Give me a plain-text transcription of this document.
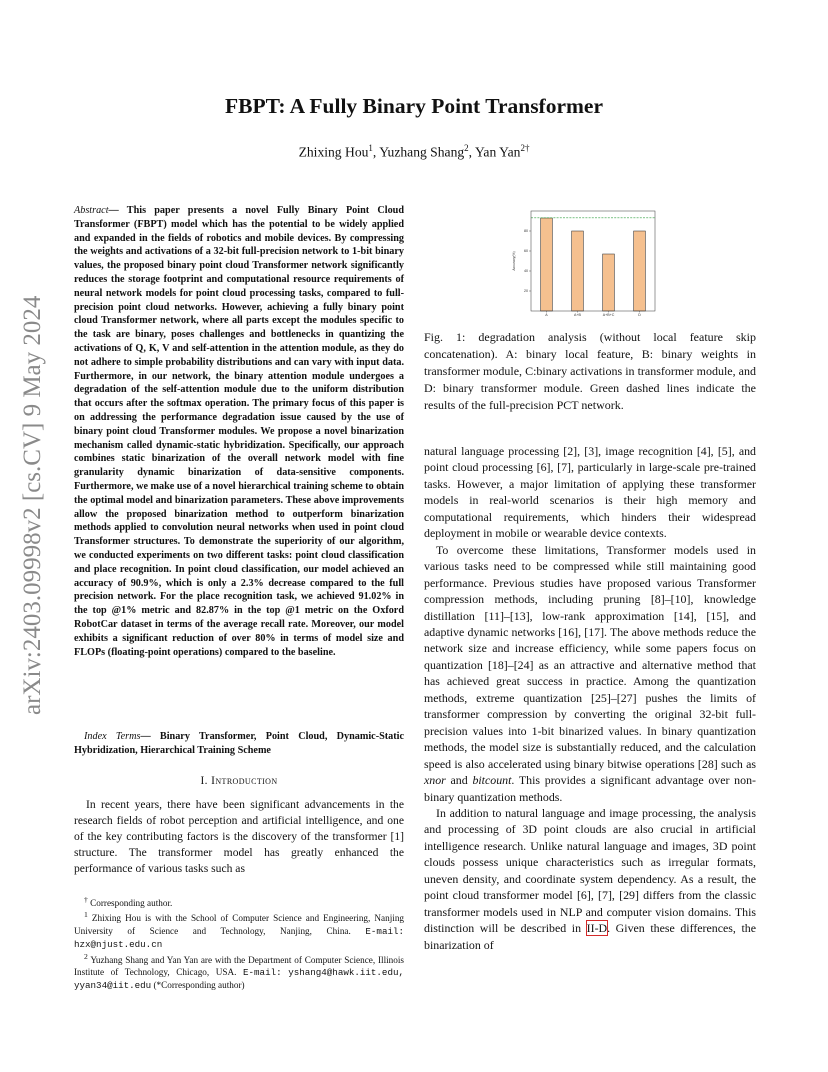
arXiv:2403.09998v2 [cs.CV] 9 May 2024
FBPT: A Fully Binary Point Transformer
Zhixing Hou$^1$, Yuzhang Shang$^2$, Yan Yan$^{2\dagger}$
Abstract— This paper presents a novel Fully Binary Point Cloud Transformer (FBPT) model which has the potential to be widely applied and expanded in the fields of robotics and mobile devices. By compressing the weights and activations of a 32-bit full-precision network to 1-bit binary values, the proposed binary point cloud Transformer network significantly reduces the storage footprint and computational resource requirements of neural network models for point cloud processing tasks, compared to full-precision point cloud networks. However, achieving a fully binary point cloud Transformer network, where all parts except the modules specific to the task are binary, poses challenges and bottlenecks in quantizing the activations of Q, K, V and self-attention in the attention module, as they do not adhere to simple probability distributions and can vary with input data. Furthermore, in our network, the binary attention module undergoes a degradation of the self-attention module due to the uniform distribution that occurs after the softmax operation. The primary focus of this paper is on addressing the performance degradation issue caused by the use of binary point cloud Transformer modules. We propose a novel binarization mechanism called dynamic-static hybridization. Specifically, our approach combines static binarization of the overall network model with fine granularity dynamic binarization of data-sensitive components. Furthermore, we make use of a novel hierarchical training scheme to obtain the optimal model and binarization parameters. These above improvements allow the proposed binarization method to outperform binarization methods applied to convolution neural networks when used in point cloud Transformer structures. To demonstrate the superiority of our algorithm, we conducted experiments on two different tasks: point cloud classification and place recognition. In point cloud classification, our model achieved an accuracy of 90.9%, which is only a 2.3% decrease compared to the full precision network. For the place recognition task, we achieved 91.02% in the top @1% metric and 82.87% in the top @1 metric on the Oxford RobotCar dataset in terms of the average recall rate. Moreover, our model exhibits a significant reduction of over 80% in terms of model size and FLOPs (floating-point operations) compared to the baseline.
Index Terms— Binary Transformer, Point Cloud, Dynamic-Static Hybridization, Hierarchical Training Scheme
I. Introduction
In recent years, there have been significant advancements in the research fields of robot perception and artificial intelligence, and one of the key contributing factors is the discovery of the transformer [1] structure. The transformer model has greatly enhanced the performance of various tasks such as

† Corresponding author.

$^1$ Zhixing Hou is with the School of Computer Science and Engineering, Nanjing University of Science and Technology, Nanjing, China. E-mail: hzx@njust.edu.cn

$^2$ Yuzhang Shang and Yan Yan are with the Department of Computer Science, Illinois Institute of Technology, Chicago, USA. E-mail: yshang4@hawk.iit.edu, yyan34@iit.edu (*Corresponding author)

Accuracy(%)
20
40
60
80
A	A+B	A+B+C	D
Fig. 1: degradation analysis (without local feature skip concatenation). A: binary local feature, B: binary weights in transformer module, C:binary activations in transformer module, and D: binary transformer module. Green dashed lines indicate the results of the full-precision PCT network.

natural language processing [2], [3], image recognition [4], [5], and point cloud processing [6], [7], particularly in large-scale pre-trained tasks. However, a major limitation of applying these transformer models in real-world scenarios is their high memory and computational requirements, which hinders their widespread deployment in mobile or wearable device contexts.

To overcome these limitations, Transformer models used in various tasks need to be compressed while still maintaining good performance. Previous studies have proposed various Transformer compression methods, including pruning [8]–[10], knowledge distillation [11]–[13], low-rank approximation [14], [15], and adaptive dynamic networks [16], [17]. The above methods reduce the network size and increase efficiency, while some papers focus on quantization [18]–[24] as an attractive and alternative method that has achieved great success in practice. Among the quantization methods, extreme quantization [25]–[27] pushes the limits of transformer compression by converting the original 32-bit full-precision values into 1-bit binarized values. In binary quantization methods, the model size is substantially reduced, and the calculation speed is also accelerated using binary bitwise operations [28] such as xnor and bitcount. This provides a significant advantage over non-binary quantization methods.

In addition to natural language and image processing, the analysis and processing of 3D point clouds are also crucial in artificial intelligence research. Unlike natural language and images, 3D point clouds possess unique characteristics such as irregular formats, uneven density, and coordinate system dependency. As a result, the point cloud transformer model [6], [7], [29] differs from the classic transformer models used in NLP and computer vision domains. This distinction will be described in II-D. Given these differences, the binarization of
